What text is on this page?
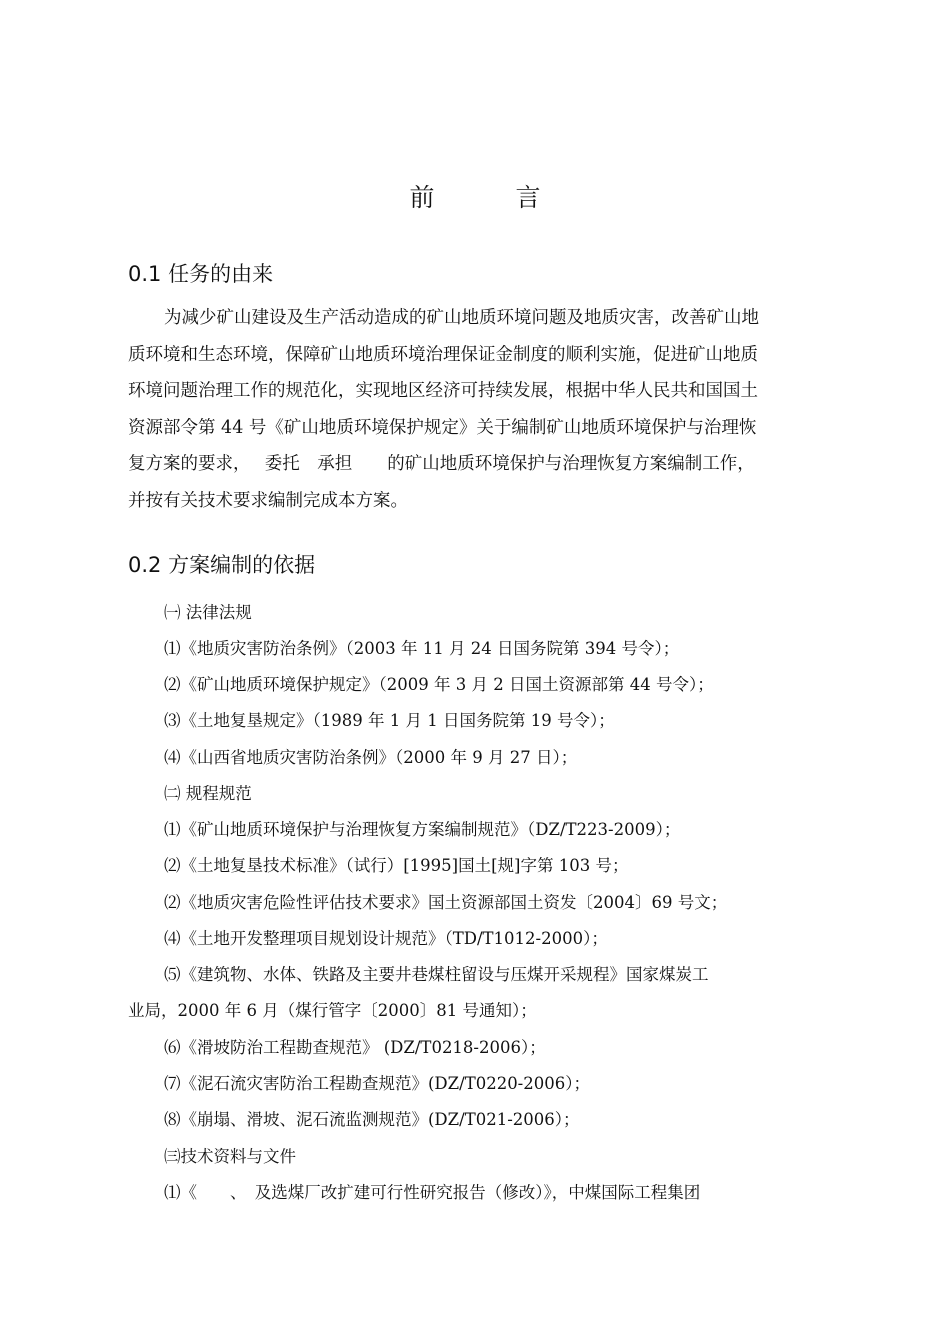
前　言
0.1 任务的由来
为减少矿山建设及生产活动造成的矿山地质环境问题及地质灾害，改善矿山地
质环境和生态环境，保障矿山地质环境治理保证金制度的顺利实施，促进矿山地质
环境问题治理工作的规范化，实现地区经济可持续发展，根据中华人民共和国国土
资源部令第 44 号《矿山地质环境保护规定》关于编制矿山地质环境保护与治理恢
复方案的要求，　 委托　承担　　的矿山地质环境保护与治理恢复方案编制工作，
并按有关技术要求编制完成本方案。
0.2 方案编制的依据
㈠ 法律法规
⑴《地质灾害防治条例》（2003 年 11 月 24 日国务院第 394 号令）；
⑵《矿山地质环境保护规定》（2009 年 3 月 2 日国土资源部第 44 号令）；
⑶《土地复垦规定》（1989 年 1 月 1 日国务院第 19 号令）；
⑷《山西省地质灾害防治条例》（2000 年 9 月 27 日）；
㈡ 规程规范
⑴《矿山地质环境保护与治理恢复方案编制规范》（DZ/T223-2009）；
⑵《土地复垦技术标准》（试行）[1995]国土[规]字第 103 号；
⑵《地质灾害危险性评估技术要求》国土资源部国土资发〔2004〕69 号文；
⑷《土地开发整理项目规划设计规范》（TD/T1012-2000）；
⑸《建筑物、水体、铁路及主要井巷煤柱留设与压煤开采规程》国家煤炭工
业局，2000 年 6 月（煤行管字〔2000〕81 号通知）；
⑹《滑坡防治工程勘查规范》 (DZ/T0218-2006）；
⑺《泥石流灾害防治工程勘查规范》(DZ/T0220-2006）；
⑻《崩塌、滑坡、泥石流监测规范》(DZ/T021-2006）；
㈢技术资料与文件
⑴《　　、　及选煤厂改扩建可行性研究报告（修改）》，中煤国际工程集团
